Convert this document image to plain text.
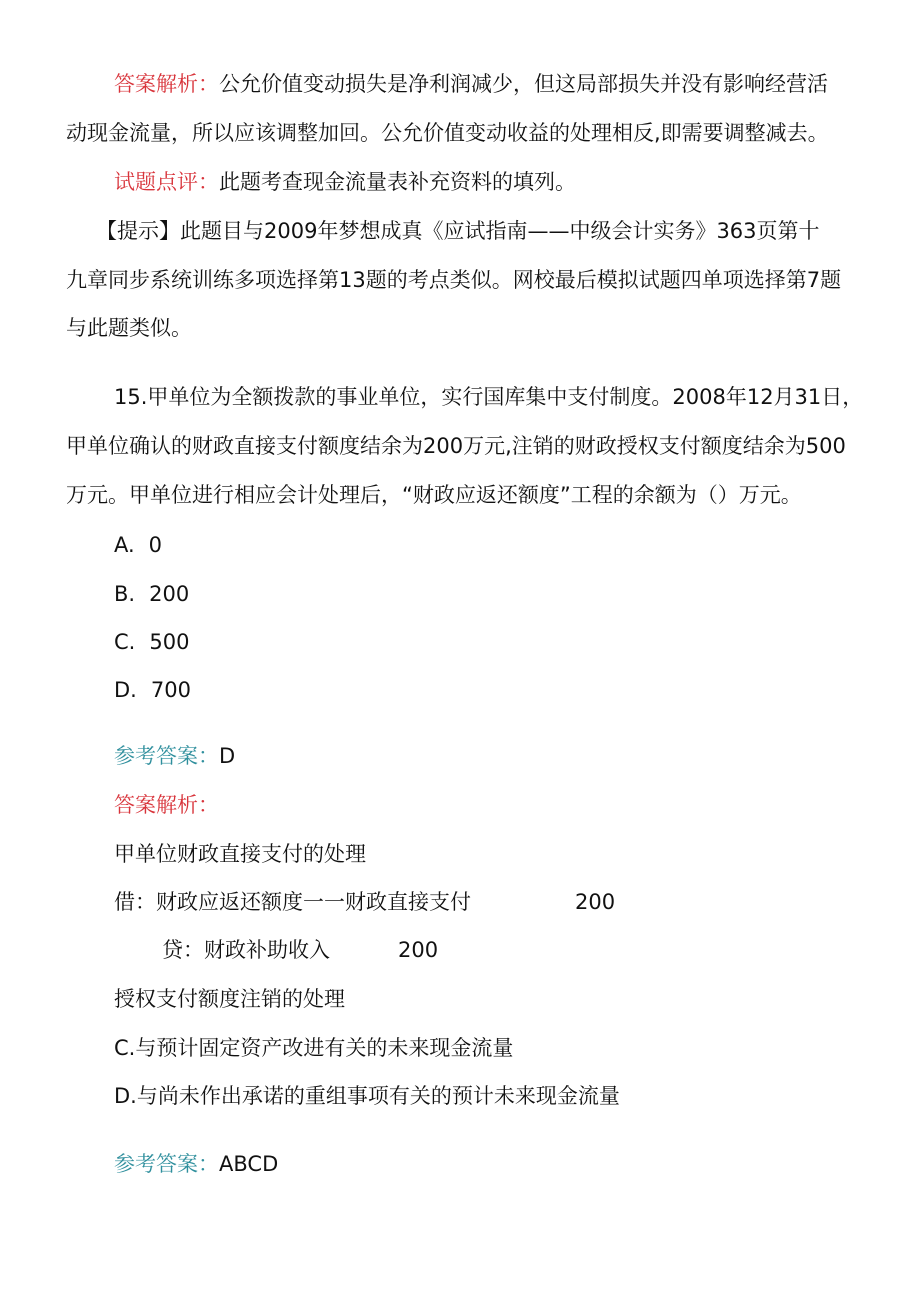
答案解析：公允价值变动损失是净利润减少，但这局部损失并没有影响经营活
动现金流量，所以应该调整加回。公允价值变动收益的处理相反,即需要调整减去。
试题点评：此题考查现金流量表补充资料的填列。
【提示】此题目与2009年梦想成真《应试指南——中级会计实务》363页第十
九章同步系统训练多项选择第13题的考点类似。网校最后模拟试题四单项选择第7题
与此题类似。
15.甲单位为全额拨款的事业单位，实行国库集中支付制度。2008年12月31日，
甲单位确认的财政直接支付额度结余为200万元,注销的财政授权支付额度结余为500
万元。甲单位进行相应会计处理后，“财政应返还额度”工程的余额为（）万元。
A. 0
B. 200
C. 500
D. 700
参考答案：D
答案解析：
甲单位财政直接支付的处理
借：财政应返还额度一一财政直接支付	200
贷：财政补助收入	200
授权支付额度注销的处理
C.与预计固定资产改进有关的未来现金流量
D.与尚未作出承诺的重组事项有关的预计未来现金流量
参考答案：ABCD
